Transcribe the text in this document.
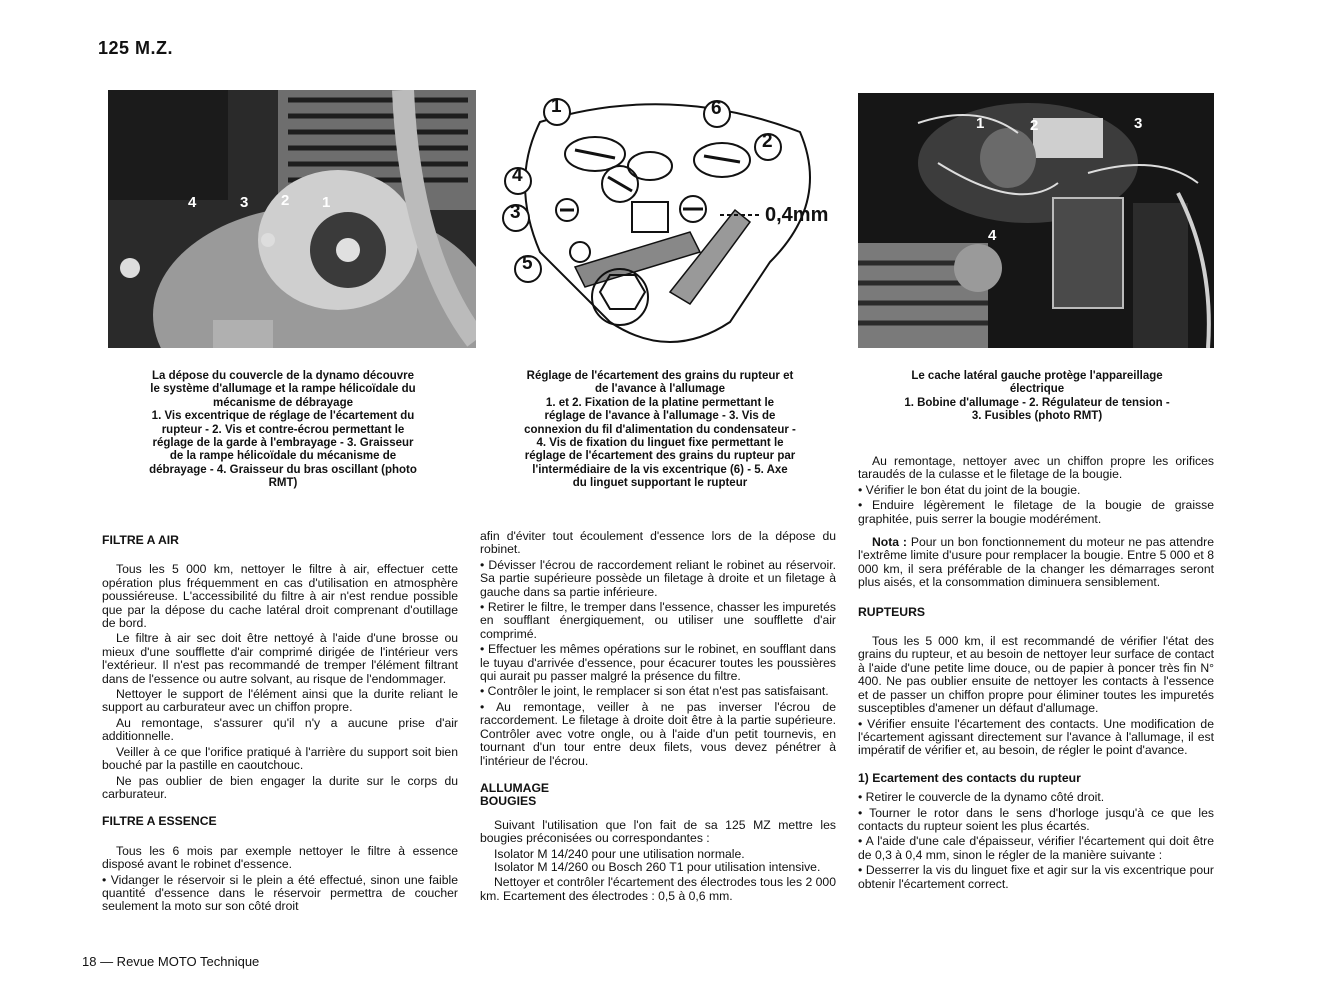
125 M.Z.
4	3 2 1
1	6
2
4
3
5
0,4mm
1	2	3
4
La dépose du couvercle de la dynamo découvre le système d'allumage et la rampe hélicoïdale du mécanisme de débrayage
1. Vis excentrique de réglage de l'écartement du rupteur - 2. Vis et contre-écrou permettant le réglage de la garde à l'embrayage - 3. Graisseur de la rampe hélicoïdale du mécanisme de débrayage - 4. Graisseur du bras oscillant (photo RMT)
Réglage de l'écartement des grains du rupteur et de l'avance à l'allumage
1. et 2. Fixation de la platine permettant le réglage de l'avance à l'allumage - 3. Vis de connexion du fil d'alimentation du condensateur - 4. Vis de fixation du linguet fixe permettant le réglage de l'écartement des grains du rupteur par l'intermédiaire de la vis excentrique (6) - 5. Axe du linguet supportant le rupteur
Le cache latéral gauche protège l'appareillage électrique
1. Bobine d'allumage - 2. Régulateur de tension - 3. Fusibles (photo RMT)
FILTRE A AIR

Tous les 5 000 km, nettoyer le filtre à air, effectuer cette opération plus fréquemment en cas d'utilisation en atmosphère poussiéreuse. L'accessibilité du filtre à air n'est rendue possible que par la dépose du cache latéral droit comprenant d'outillage de bord.

Le filtre à air sec doit être nettoyé à l'aide d'une brosse ou mieux d'une soufflette d'air comprimé dirigée de l'intérieur vers l'extérieur. Il n'est pas recommandé de tremper l'élément filtrant dans de l'essence ou autre solvant, au risque de l'endommager.

Nettoyer le support de l'élément ainsi que la durite reliant le support au carburateur avec un chiffon propre.

Au remontage, s'assurer qu'il n'y a aucune prise d'air additionnelle.

Veiller à ce que l'orifice pratiqué à l'arrière du support soit bien bouché par la pastille en caoutchouc.

Ne pas oublier de bien engager la durite sur le corps du carburateur.

FILTRE A ESSENCE

Tous les 6 mois par exemple nettoyer le filtre à essence disposé avant le robinet d'essence.

• Vidanger le réservoir si le plein a été effectué, sinon une faible quantité d'essence dans le réservoir permettra de coucher seulement la moto sur son côté droit

afin d'éviter tout écoulement d'essence lors de la dépose du robinet.

• Dévisser l'écrou de raccordement reliant le robinet au réservoir. Sa partie supérieure possède un filetage à droite et un filetage à gauche dans sa partie inférieure.

• Retirer le filtre, le tremper dans l'essence, chasser les impuretés en soufflant énergiquement, ou utiliser une soufflette d'air comprimé.

• Effectuer les mêmes opérations sur le robinet, en soufflant dans le tuyau d'arrivée d'essence, pour écacurer toutes les poussières qui aurait pu passer malgré la présence du filtre.

• Contrôler le joint, le remplacer si son état n'est pas satisfaisant.

• Au remontage, veiller à ne pas inverser l'écrou de raccordement. Le filetage à droite doit être à la partie supérieure. Contrôler avec votre ongle, ou à l'aide d'un petit tournevis, en tournant d'un tour entre deux filets, vous devez pénétrer à l'intérieur de l'écrou.

ALLUMAGE
BOUGIES

Suivant l'utilisation que l'on fait de sa 125 MZ mettre les bougies préconisées ou correspondantes :

Isolator M 14/240 pour une utilisation normale.

Isolator M 14/260 ou Bosch 260 T1 pour utilisation intensive.

Nettoyer et contrôler l'écartement des électrodes tous les 2 000 km. Ecartement des électrodes : 0,5 à 0,6 mm.

Au remontage, nettoyer avec un chiffon propre les orifices taraudés de la culasse et le filetage de la bougie.

• Vérifier le bon état du joint de la bougie.

• Enduire légèrement le filetage de la bougie de graisse graphitée, puis serrer la bougie modérément.

Nota : Pour un bon fonctionnement du moteur ne pas attendre l'extrême limite d'usure pour remplacer la bougie. Entre 5 000 et 8 000 km, il sera préférable de la changer les démarrages seront plus aisés, et la consommation diminuera sensiblement.

RUPTEURS

Tous les 5 000 km, il est recommandé de vérifier l'état des grains du rupteur, et au besoin de nettoyer leur surface de contact à l'aide d'une petite lime douce, ou de papier à poncer très fin N° 400. Ne pas oublier ensuite de nettoyer les contacts à l'essence et de passer un chiffon propre pour éliminer toutes les impuretés susceptibles d'amener un défaut d'allumage.

• Vérifier ensuite l'écartement des contacts. Une modification de l'écartement agissant directement sur l'avance à l'allumage, il est impératif de vérifier et, au besoin, de régler le point d'avance.

1) Ecartement des contacts du rupteur

• Retirer le couvercle de la dynamo côté droit.

• Tourner le rotor dans le sens d'horloge jusqu'à ce que les contacts du rupteur soient les plus écartés.

• A l'aide d'une cale d'épaisseur, vérifier l'écartement qui doit être de 0,3 à 0,4 mm, sinon le régler de la manière suivante :

• Desserrer la vis du linguet fixe et agir sur la vis excentrique pour obtenir l'écartement correct.

18 — Revue MOTO Technique
